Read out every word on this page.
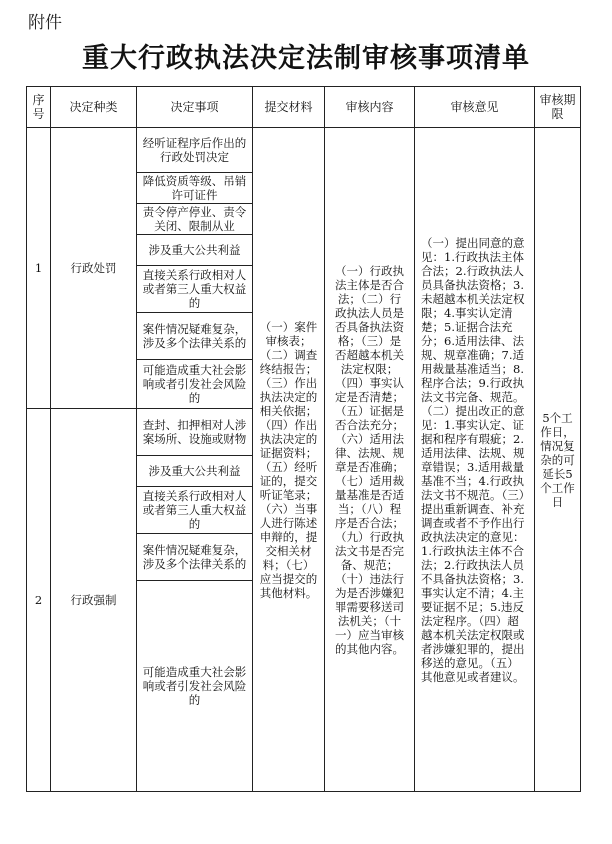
附件
重大行政执法决定法制审核事项清单
序号	决定种类	决定事项	提交材料	审核内容	审核意见	审核期限
1	行政处罚	经听证程序后作出的行政处罚决定	（一）案件审核表；（二）调查终结报告；（三）作出执法决定的相关依据；（四）作出执法决定的证据资料；（五）经听证的，提交听证笔录；（六）当事人进行陈述申辩的，提交相关材料；（七）应当提交的其他材料。	（一）行政执法主体是否合法；（二）行政执法人员是否具备执法资格；（三）是否超越本机关法定权限；（四）事实认定是否清楚；（五）证据是否合法充分；（六）适用法律、法规、规章是否准确；（七）适用裁量基准是否适当；（八）程序是否合法；（九）行政执法文书是否完备、规范；（十）违法行为是否涉嫌犯罪需要移送司法机关；（十一）应当审核的其他内容。	（一）提出同意的意见：1.行政执法主体合法；2.行政执法人员具备执法资格；3.未超越本机关法定权限；4.事实认定清楚；5.证据合法充分；6.适用法律、法规、规章准确；7.适用裁量基准适当；8.程序合法；9.行政执法文书完备、规范。（二）提出改正的意见：1.事实认定、证据和程序有瑕疵；2.适用法律、法规、规章错误；3.适用裁量基准不当；4.行政执法文书不规范。（三）提出重新调查、补充调查或者不予作出行政执法决定的意见：1.行政执法主体不合法；2.行政执法人员不具备执法资格；3.事实认定不清；4.主要证据不足；5.违反法定程序。（四）超越本机关法定权限或者涉嫌犯罪的，提出移送的意见。（五）其他意见或者建议。	5个工作日，情况复杂的可延长5个工作日
		降低资质等级、吊销许可证件				
		责令停产停业、责令关闭、限制从业				
		涉及重大公共利益				
		直接关系行政相对人或者第三人重大权益的				
		案件情况疑难复杂，涉及多个法律关系的				
		可能造成重大社会影响或者引发社会风险的				
2	行政强制	查封、扣押相对人涉案场所、设施或财物				
		涉及重大公共利益				
		直接关系行政相对人或者第三人重大权益的				
		案件情况疑难复杂，涉及多个法律关系的				
		可能造成重大社会影响或者引发社会风险的				
